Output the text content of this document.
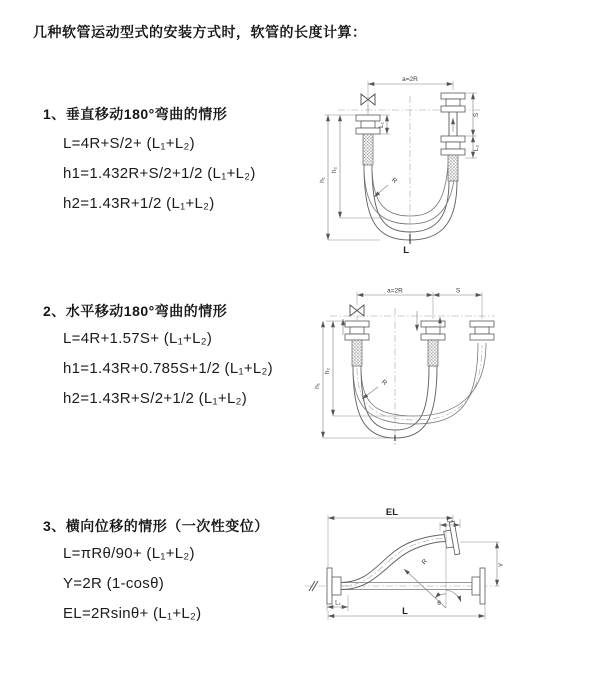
几种软管运动型式的安装方式时，软管的长度计算：
1、垂直移动180°弯曲的情形
L=4R+S/2+ (L₁+L₂)
h1=1.432R+S/2+1/2 (L₁+L₂)
h2=1.43R+1/2 (L₁+L₂)
2、水平移动180°弯曲的情形
L=4R+1.57S+ (L₁+L₂)
h1=1.43R+0.785S+1/2 (L₁+L₂)
h2=1.43R+S/2+1/2 (L₁+L₂)
3、横向位移的情形（一次性变位）
L=πRθ/90+ (L₁+L₂)
Y=2R (1-cosθ)
EL=2Rsinθ+ (L₁+L₂)
a=2R
L₁
S
L₂
h₁
h₂
R
L
a=2R	S
h₁
h₂
R
R
θ
EL
L₂
Y
L₁
L
